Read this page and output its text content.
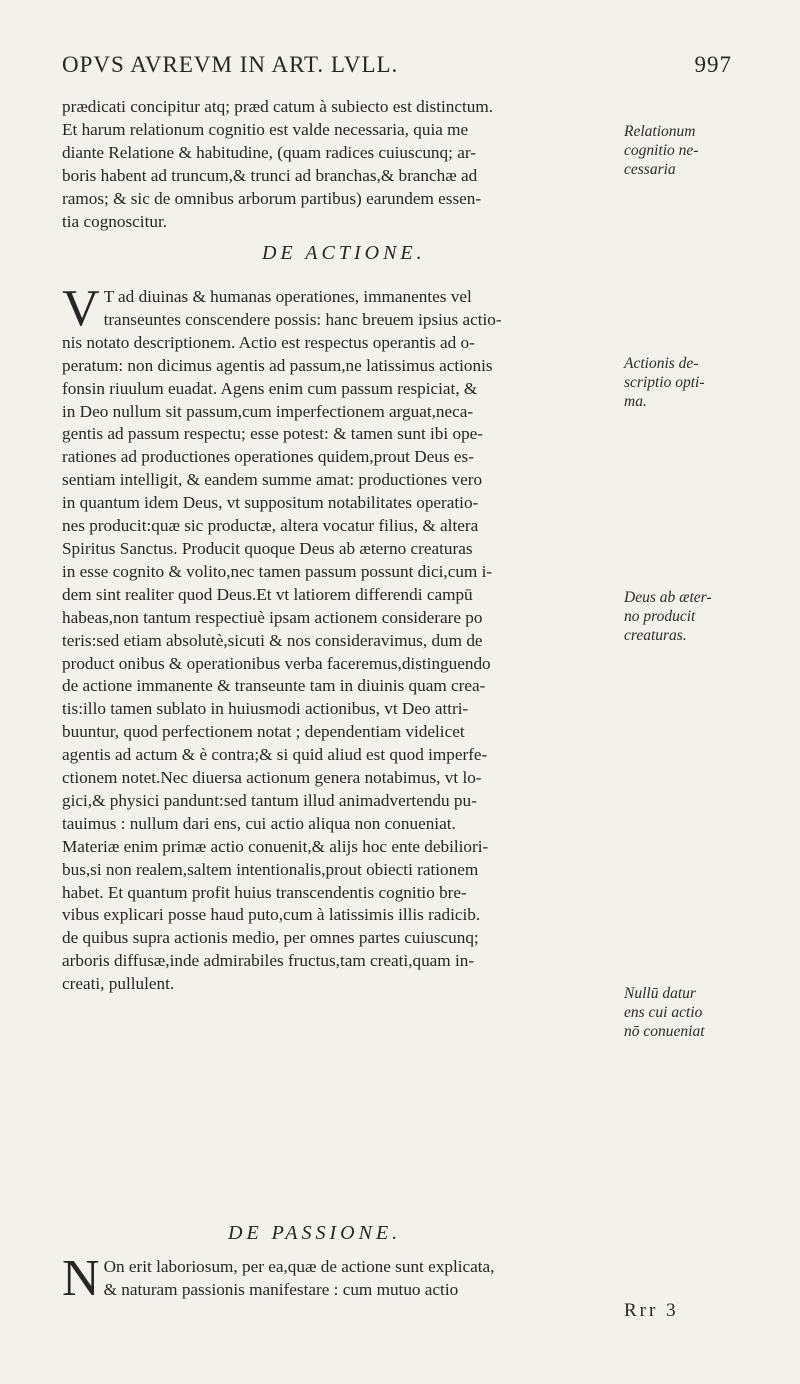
OPVS AVREVM IN ART. LVLL.	997

prædicati concipitur atq; præd catum à subiecto est distinctum.
Et harum relationum cognitio est valde necessaria, quia me
diante Relatione & habitudine, (quam radices cuiuscunq; ar-
boris habent ad truncum,& trunci ad branchas,& branchæ ad
ramos; & sic de omnibus arborum partibus) earundem essen-
tia cognoscitur.

DE ACTIONE.
V T ad diuinas & humanas operationes, immanentes vel
transeuntes conscendere possis: hanc breuem ipsius actio-
nis notato descriptionem. Actio est respectus operantis ad o-
peratum: non dicimus agentis ad passum,ne latissimus actionis
fonsin riuulum euadat. Agens enim cum passum respiciat, &
in Deo nullum sit passum,cum imperfectionem arguat,neca-
gentis ad passum respectu; esse potest: & tamen sunt ibi ope-
rationes ad productiones operationes quidem,prout Deus es-
sentiam intelligit, & eandem summe amat: productiones vero
in quantum idem Deus, vt suppositum notabilitates operatio-
nes producit:quæ sic productæ, altera vocatur filius, & altera
Spiritus Sanctus. Producit quoque Deus ab æterno creaturas
in esse cognito & volito,nec tamen passum possunt dici,cum i-
dem sint realiter quod Deus.Et vt latiorem differendi campū
habeas,non tantum respectiuè ipsam actionem considerare po
teris:sed etiam absolutè,sicuti & nos consideravimus, dum de
product onibus & operationibus verba faceremus,distinguendo
de actione immanente & transeunte tam in diuinis quam crea-
tis:illo tamen sublato in huiusmodi actionibus, vt Deo attri-
buuntur, quod perfectionem notat ; dependentiam videlicet
agentis ad actum & è contra;& si quid aliud est quod imperfe-
ctionem notet.Nec diuersa actionum genera notabimus, vt lo-
gici,& physici pandunt:sed tantum illud animadvertendu pu-
tauimus : nullum dari ens, cui actio aliqua non conueniat.
Materiæ enim primæ actio conuenit,& alijs hoc ente debiliori-
bus,si non realem,saltem intentionalis,prout obiecti rationem
habet. Et quantum profit huius transcendentis cognitio bre-
vibus explicari posse haud puto,cum à latissimis illis radicib.
de quibus supra actionis medio, per omnes partes cuiuscunq;
arboris diffusæ,inde admirabiles fructus,tam creati,quam in-
creati, pullulent.

DE PASSIONE.
N On erit laboriosum, per ea,quæ de actione sunt explicata,
& naturam passionis manifestare : cum mutuo actio

Relationum
cognitio ne-
cessaria
Actionis de-
scriptio opti-
ma.
Deus ab æter-
no producit
creaturas.
Nullū datur
ens cui actio
nō conueniat
Rrr 3
